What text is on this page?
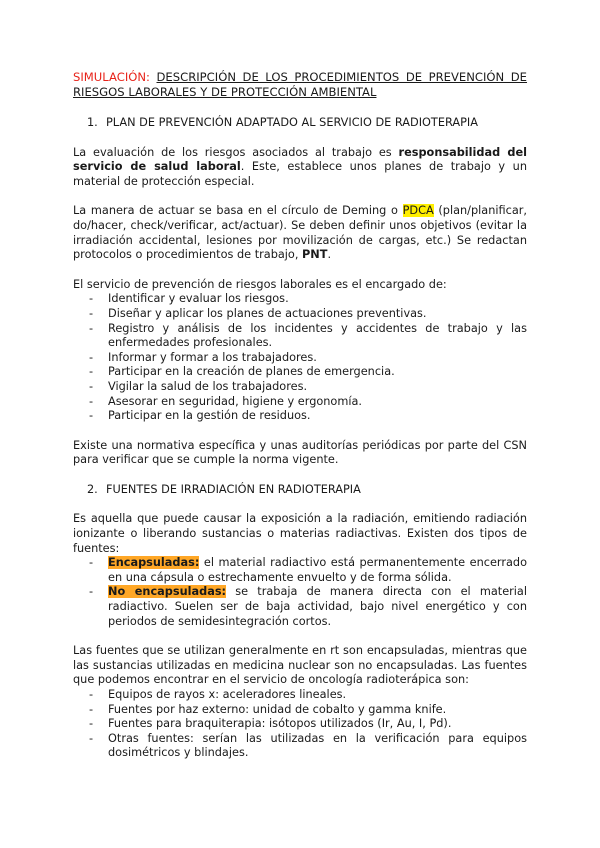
SIMULACIÓN: DESCRIPCIÓN DE LOS PROCEDIMIENTOS DE PREVENCIÓN DE RIESGOS LABORALES Y DE PROTECCIÓN AMBIENTAL

1. PLAN DE PREVENCIÓN ADAPTADO AL SERVICIO DE RADIOTERAPIA

La evaluación de los riesgos asociados al trabajo es responsabilidad del servicio de salud laboral. Este, establece unos planes de trabajo y un material de protección especial.

La manera de actuar se basa en el círculo de Deming o PDCA (plan/planificar, do/hacer, check/verificar, act/actuar). Se deben definir unos objetivos (evitar la irradiación accidental, lesiones por movilización de cargas, etc.) Se redactan protocolos o procedimientos de trabajo, PNT.

El servicio de prevención de riesgos laborales es el encargado de:

- Identificar y evaluar los riesgos.
- Diseñar y aplicar los planes de actuaciones preventivas.
- Registro y análisis de los incidentes y accidentes de trabajo y las enfermedades profesionales.
- Informar y formar a los trabajadores.
- Participar en la creación de planes de emergencia.
- Vigilar la salud de los trabajadores.
- Asesorar en seguridad, higiene y ergonomía.
- Participar en la gestión de residuos.

Existe una normativa específica y unas auditorías periódicas por parte del CSN para verificar que se cumple la norma vigente.

2. FUENTES DE IRRADIACIÓN EN RADIOTERAPIA

Es aquella que puede causar la exposición a la radiación, emitiendo radiación ionizante o liberando sustancias o materias radiactivas. Existen dos tipos de fuentes:

- Encapsuladas: el material radiactivo está permanentemente encerrado en una cápsula o estrechamente envuelto y de forma sólida.
- No encapsuladas: se trabaja de manera directa con el material radiactivo. Suelen ser de baja actividad, bajo nivel energético y con periodos de semidesintegración cortos.

Las fuentes que se utilizan generalmente en rt son encapsuladas, mientras que las sustancias utilizadas en medicina nuclear son no encapsuladas. Las fuentes que podemos encontrar en el servicio de oncología radioterápica son:

- Equipos de rayos x: aceleradores lineales.
- Fuentes por haz externo: unidad de cobalto y gamma knife.
- Fuentes para braquiterapia: isótopos utilizados (Ir, Au, I, Pd).
- Otras fuentes: serían las utilizadas en la verificación para equipos dosimétricos y blindajes.
